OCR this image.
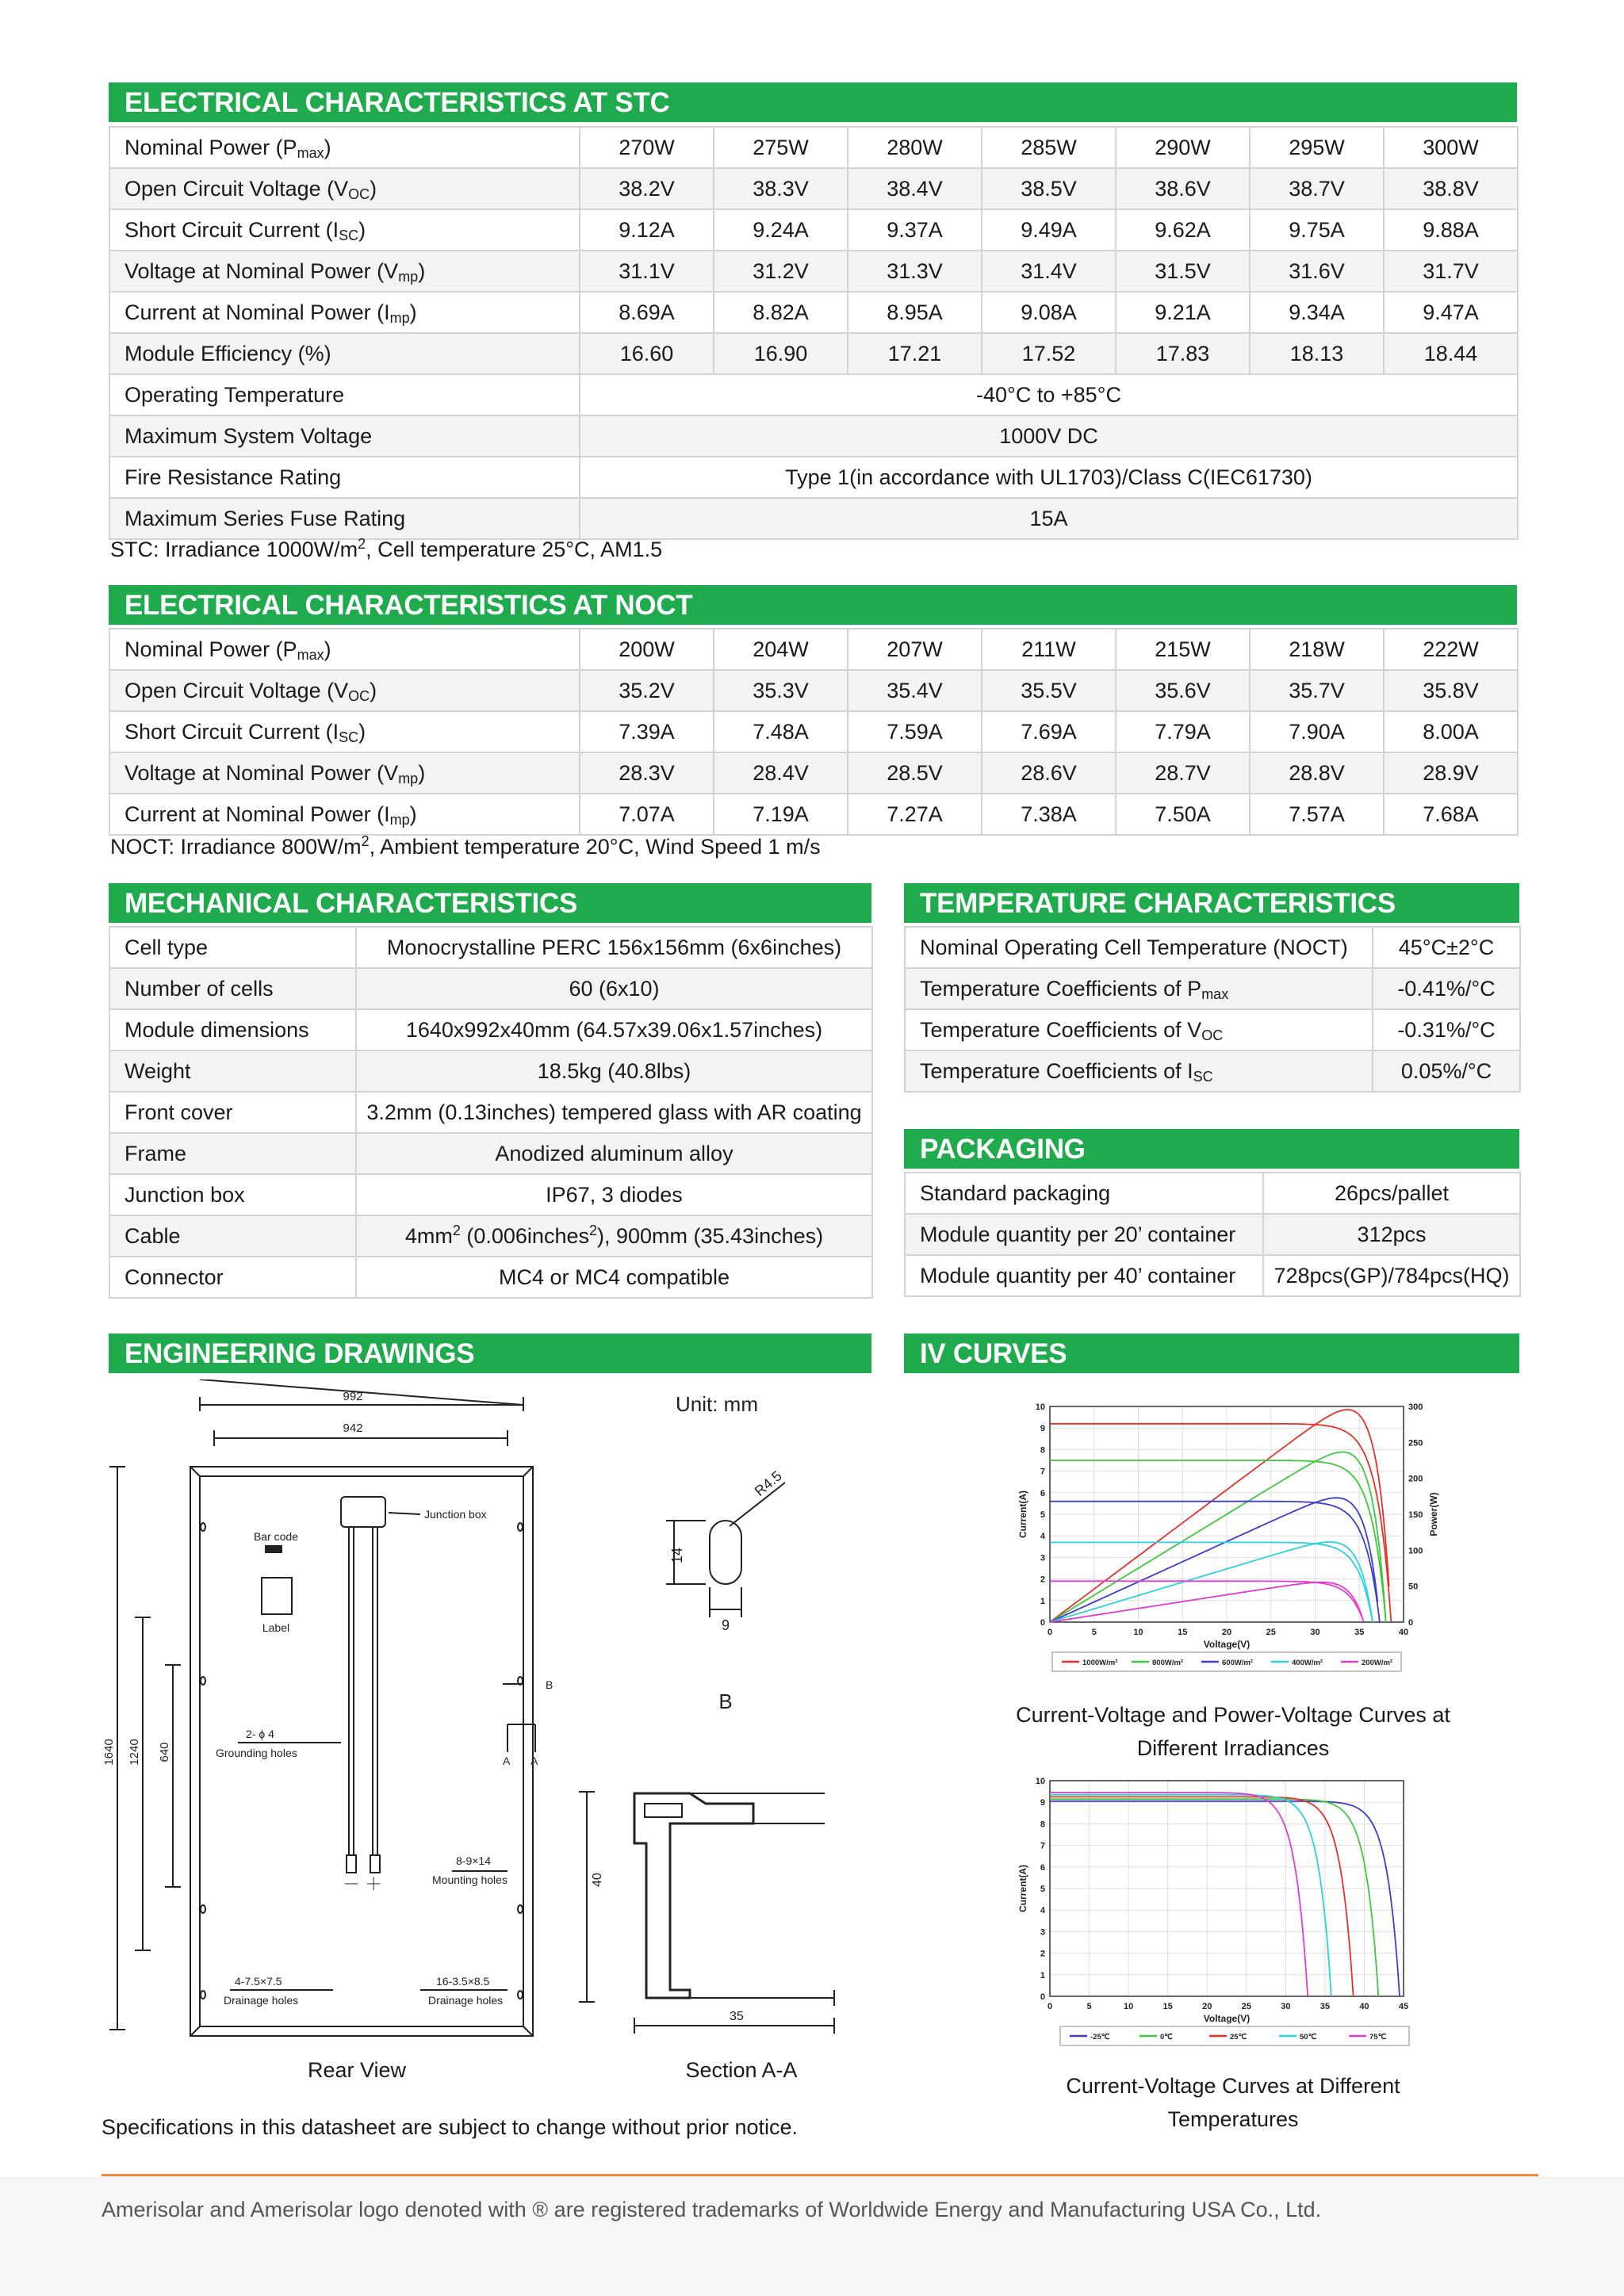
ELECTRICAL CHARACTERISTICS AT STC
Nominal Power $(P_{max})$	270W	275W	280W	285W	290W	295W	300W
Open Circuit Voltage $(V_{OC})$	38.2V	38.3V	38.4V	38.5V	38.6V	38.7V	38.8V
Short Circuit Current $(I_{SC})$	9.12A	9.24A	9.37A	9.49A	9.62A	9.75A	9.88A
Voltage at Nominal Power $(V_{mp})$	31.1V	31.2V	31.3V	31.4V	31.5V	31.6V	31.7V
Current at Nominal Power $(I_{mp})$	8.69A	8.82A	8.95A	9.08A	9.21A	9.34A	9.47A
Module Efficiency (%)	16.60	16.90	17.21	17.52	17.83	18.13	18.44
Operating Temperature	-40°C to +85°C						
Maximum System Voltage	1000V DC						
Fire Resistance Rating	Type 1(in accordance with UL1703)/Class C(IEC61730)						
Maximum Series Fuse Rating	15A						
STC: Irradiance $1000W/m^2$, Cell temperature 25°C, AM1.5
ELECTRICAL CHARACTERISTICS AT NOCT
Nominal Power $(P_{max})$	200W	204W	207W	211W	215W	218W	222W
Open Circuit Voltage $(V_{OC})$	35.2V	35.3V	35.4V	35.5V	35.6V	35.7V	35.8V
Short Circuit Current $(I_{SC})$	7.39A	7.48A	7.59A	7.69A	7.79A	7.90A	8.00A
Voltage at Nominal Power $(V_{mp})$	28.3V	28.4V	28.5V	28.6V	28.7V	28.8V	28.9V
Current at Nominal Power $(I_{mp})$	7.07A	7.19A	7.27A	7.38A	7.50A	7.57A	7.68A
NOCT: Irradiance $800W/m^2$, Ambient temperature 20°C, Wind Speed 1 m/s
MECHANICAL CHARACTERISTICS
Cell type	Monocrystalline PERC 156x156mm (6x6inches)
Number of cells	60 (6x10)
Module dimensions	1640x992x40mm (64.57x39.06x1.57inches)
Weight	18.5kg (40.8lbs)
Front cover	3.2mm (0.13inches) tempered glass with AR coating
Frame	Anodized aluminum alloy
Junction box	IP67, 3 diodes
Cable	$4mm^2$ (0.006inches$^2$), 900mm (35.43inches)
Connector	MC4 or MC4 compatible
TEMPERATURE CHARACTERISTICS
Nominal Operating Cell Temperature (NOCT)	45°C±2°C
Temperature Coefficients of $P_{max}$	-0.41%/°C
Temperature Coefficients of $V_{OC}$	-0.31%/°C
Temperature Coefficients of $I_{SC}$	0.05%/°C
PACKAGING
Standard packaging	26pcs/pallet
Module quantity per 20’ container	312pcs
Module quantity per 40’ container	728pcs(GP)/784pcs(HQ)
ENGINEERING DRAWINGS
992
942
1640 1240 640
Bar code
Label
Junction box
2- ϕ 4
Grounding holes
8-9×14
Mounting holes
4-7.5×7.5
Drainage holes
16-3.5×8.5
Drainage holes
－ ＋
B
A A
Unit: mm
R4.5
14
9
B
40
35
Rear View	Section A-A
IV CURVES
0	5	10	15	20	25	30	35	40
0
1
2
3
4
5
6
7
8
9
10
Voltage(V)
Current(A)
0
50
100
150
200
250
300
Power(W)
1000W/m²	800W/m²	600W/m²	400W/m²	200W/m²
Current-Voltage and Power-Voltage Curves at Different Irradiances
0	5	10	15	20	25	30	35	40	45
0
1
2
3
4
5
6
7
8
9
10
Voltage(V)
Current(A)
-25℃	0℃	25℃	50℃	75℃
Current-Voltage Curves at Different Temperatures
Specifications in this datasheet are subject to change without prior notice.
Amerisolar and Amerisolar logo denoted with ® are registered trademarks of Worldwide Energy and Manufacturing USA Co., Ltd.
